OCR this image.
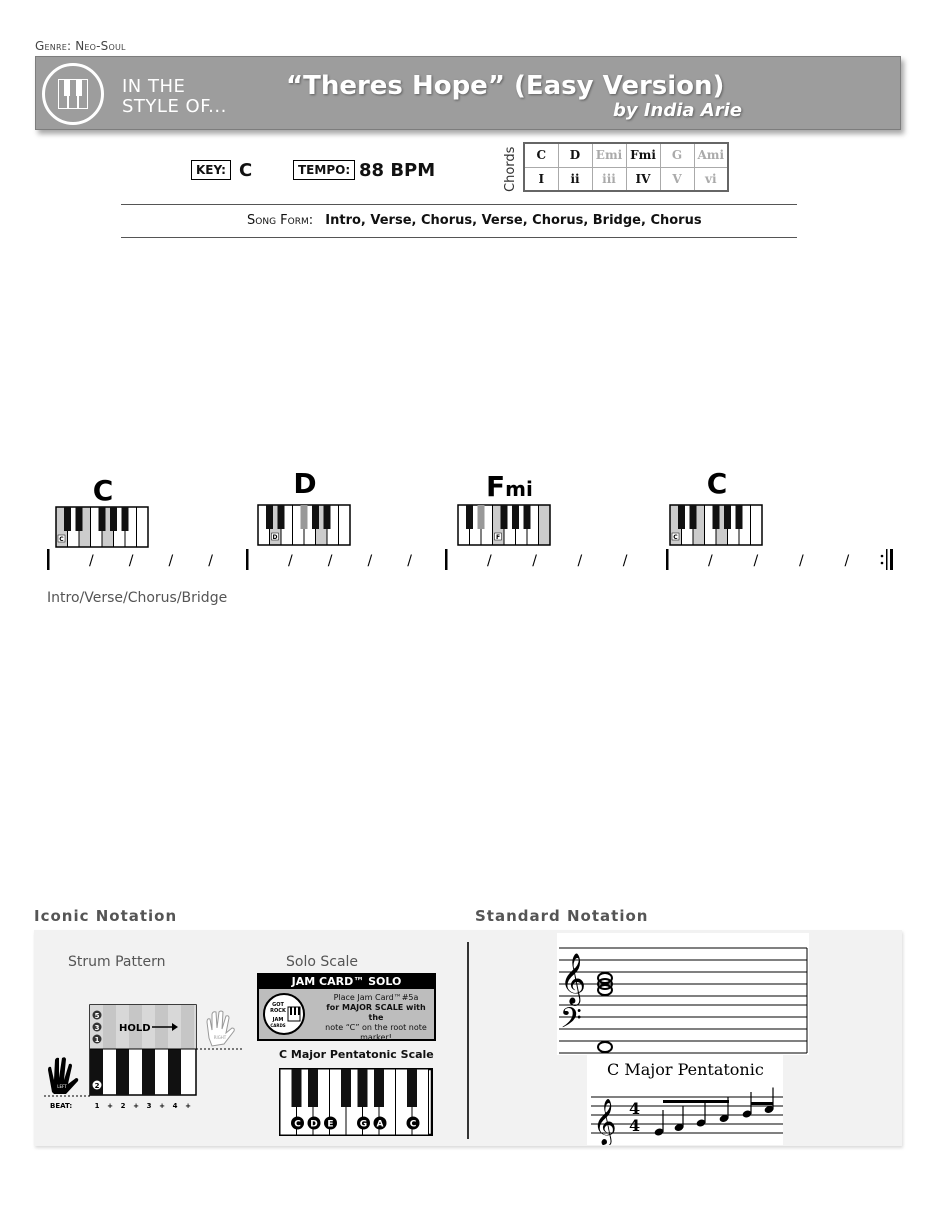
Genre: Neo-Soul
IN THE
STYLE OF...
“Theres Hope” (Easy Version)
by India Arie
KEY: C	TEMPO: 88 BPM	Chords C	D	Emi	Fmi	G	Ami
I	ii	iii	IV	V	vi
Song Form: Intro, Verse, Chorus, Verse, Chorus, Bridge, Chorus
C
C
/	/	/	/
D
D
/	/	/	/
Fmi
F
/	/	/	/
C
C
/	/	/	/
Intro/Verse/Chorus/Bridge
Iconic Notation	Standard Notation
Strum Pattern	Solo Scale
5
3
1
2
HOLD
RIGHT
LEFT
BEAT:	1 + 2 + 3 + 4 +
JAM CARD™ SOLO
GOT
ROCK
JAM
CARDS
Place Jam Card™#5a
for MAJOR SCALE with the
note “C” on the root note
marker!
C Major Pentatonic Scale
C D E	G A	C
𝄞
𝄢
C Major Pentatonic
𝄞 4
4
